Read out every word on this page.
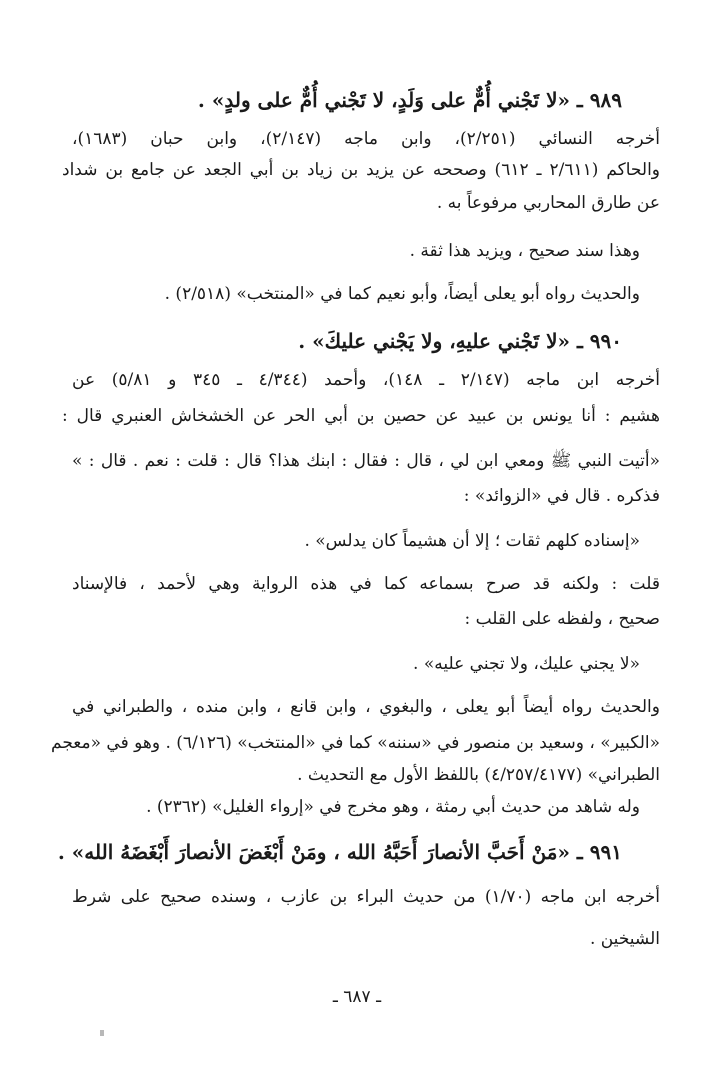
٩٨٩ ـ «لا تَجْني أُمٌّ على وَلَدٍ، لا تَجْني أُمٌّ على ولدٍ» .
أخرجه النسائي (٢/٢٥١)، وابن ماجه (٢/١٤٧)، وابن حبان (١٦٨٣)،
والحاكم (٢/٦١١ ـ ٦١٢) وصححه عن يزيد بن زياد بن أبي الجعد عن جامع بن شداد
عن طارق المحاربي مرفوعاً به .
وهذا سند صحيح ، ويزيد هذا ثقة .
والحديث رواه أبو يعلى أيضاً، وأبو نعيم كما في «المنتخب» (٢/٥١٨) .
٩٩٠ ـ «لا تَجْني عليهِ، ولا يَجْني عليكَ» .
أخرجه ابن ماجه (٢/١٤٧ ـ ١٤٨)، وأحمد (٤/٣٤٤ ـ ٣٤٥ و ٥/٨١) عن
هشيم : أنا يونس بن عبيد عن حصين بن أبي الحر عن الخشخاش العنبري قال :
«أتيت النبي ﷺ ومعي ابن لي ، قال : فقال : ابنك هذا؟ قال : قلت : نعم . قال : »
فذكره . قال في «الزوائد» :
«إسناده كلهم ثقات ؛ إلا أن هشيماً كان يدلس» .
قلت : ولكنه قد صرح بسماعه كما في هذه الرواية وهي لأحمد ، فالإسناد
صحيح ، ولفظه على القلب :
«لا يجني عليك، ولا تجني عليه» .
والحديث رواه أيضاً أبو يعلى ، والبغوي ، وابن قانع ، وابن منده ، والطبراني في
«الكبير» ، وسعيد بن منصور في «سننه» كما في «المنتخب» (٦/١٢٦) . وهو في «معجم
الطبراني» (٤/٢٥٧/٤١٧٧) باللفظ الأول مع التحديث .
وله شاهد من حديث أبي رمثة ، وهو مخرج في «إرواء الغليل» (٢٣٦٢) .
٩٩١ ـ «مَنْ أَحَبَّ الأنصارَ أَحَبَّهُ الله ، ومَنْ أَبْغَضَ الأنصارَ أَبْغَضَهُ الله» .
أخرجه ابن ماجه (١/٧٠) من حديث البراء بن عازب ، وسنده صحيح على شرط
الشيخين .
ـ ٦٨٧ ـ
